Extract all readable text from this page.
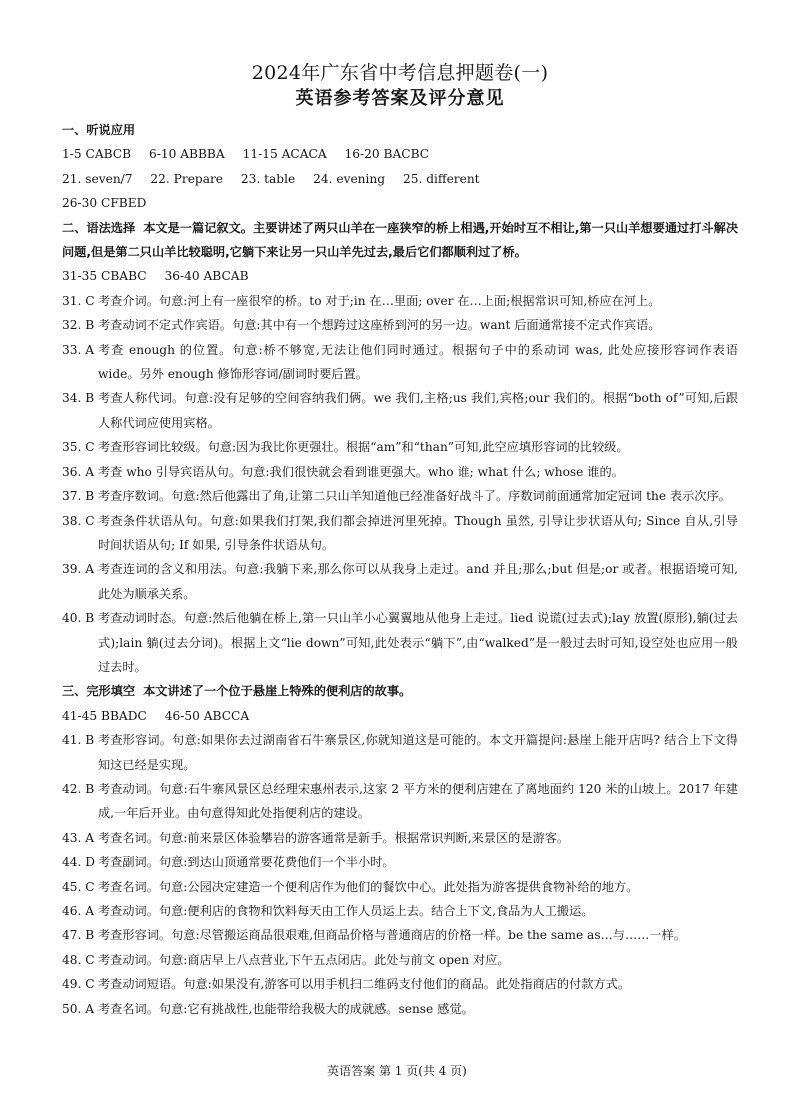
2024年广东省中考信息押题卷(一)
英语参考答案及评分意见
一、听说应用
1-5 CABCB 6-10 ABBBA 11-15 ACACA 16-20 BACBC
21. seven/7 22. Prepare 23. table 24. evening 25. different
26-30 CFBED
二、语法选择 本文是一篇记叙文。主要讲述了两只山羊在一座狭窄的桥上相遇,开始时互不相让,第一只山羊想要通过打斗解决问题,但是第二只山羊比较聪明,它躺下来让另一只山羊先过去,最后它们都顺利过了桥。
31-35 CBABC 36-40 ABCAB
31. C 考查介词。句意:河上有一座很窄的桥。to 对于;in 在…里面; over 在…上面;根据常识可知,桥应在河上。
32. B 考查动词不定式作宾语。句意:其中有一个想跨过这座桥到河的另一边。want 后面通常接不定式作宾语。
33. A 考查 enough 的位置。句意:桥不够宽,无法让他们同时通过。根据句子中的系动词 was, 此处应接形容词作表语 wide。另外 enough 修饰形容词/副词时要后置。
34. B 考查人称代词。句意:没有足够的空间容纳我们俩。we 我们,主格;us 我们,宾格;our 我们的。根据“both of”可知,后跟人称代词应使用宾格。
35. C 考查形容词比较级。句意:因为我比你更强壮。根据“am”和“than”可知,此空应填形容词的比较级。
36. A 考查 who 引导宾语从句。句意:我们很快就会看到谁更强大。who 谁; what 什么; whose 谁的。
37. B 考查序数词。句意:然后他露出了角,让第二只山羊知道他已经准备好战斗了。序数词前面通常加定冠词 the 表示次序。
38. C 考查条件状语从句。句意:如果我们打架,我们都会掉进河里死掉。Though 虽然, 引导让步状语从句; Since 自从,引导时间状语从句; If 如果, 引导条件状语从句。
39. A 考查连词的含义和用法。句意:我躺下来,那么你可以从我身上走过。and 并且;那么;but 但是;or 或者。根据语境可知,此处为顺承关系。
40. B 考查动词时态。句意:然后他躺在桥上,第一只山羊小心翼翼地从他身上走过。lied 说谎(过去式);lay 放置(原形),躺(过去式);lain 躺(过去分词)。根据上文“lie down”可知,此处表示“躺下”,由“walked”是一般过去时可知,设空处也应用一般过去时。
三、完形填空 本文讲述了一个位于悬崖上特殊的便利店的故事。
41-45 BBADC 46-50 ABCCA
41. B 考查形容词。句意:如果你去过湖南省石牛寨景区,你就知道这是可能的。本文开篇提问:悬崖上能开店吗? 结合上下文得知这已经是实现。
42. B 考查动词。句意:石牛寨风景区总经理宋惠州表示,这家 2 平方米的便利店建在了离地面约 120 米的山坡上。2017 年建成,一年后开业。由句意得知此处指便利店的建设。
43. A 考查名词。句意:前来景区体验攀岩的游客通常是新手。根据常识判断,来景区的是游客。
44. D 考查副词。句意:到达山顶通常要花费他们一个半小时。
45. C 考查名词。句意:公园决定建造一个便利店作为他们的餐饮中心。此处指为游客提供食物补给的地方。
46. A 考查动词。句意:便利店的食物和饮料每天由工作人员运上去。结合上下文,食品为人工搬运。
47. B 考查形容词。句意:尽管搬运商品很艰难,但商品价格与普通商店的价格一样。be the same as…与……一样。
48. C 考查动词。句意:商店早上八点营业,下午五点闭店。此处与前文 open 对应。
49. C 考查动词短语。句意:如果没有,游客可以用手机扫二维码支付他们的商品。此处指商店的付款方式。
50. A 考查名词。句意:它有挑战性,也能带给我极大的成就感。sense 感觉。
英语答案 第 1 页(共 4 页)
